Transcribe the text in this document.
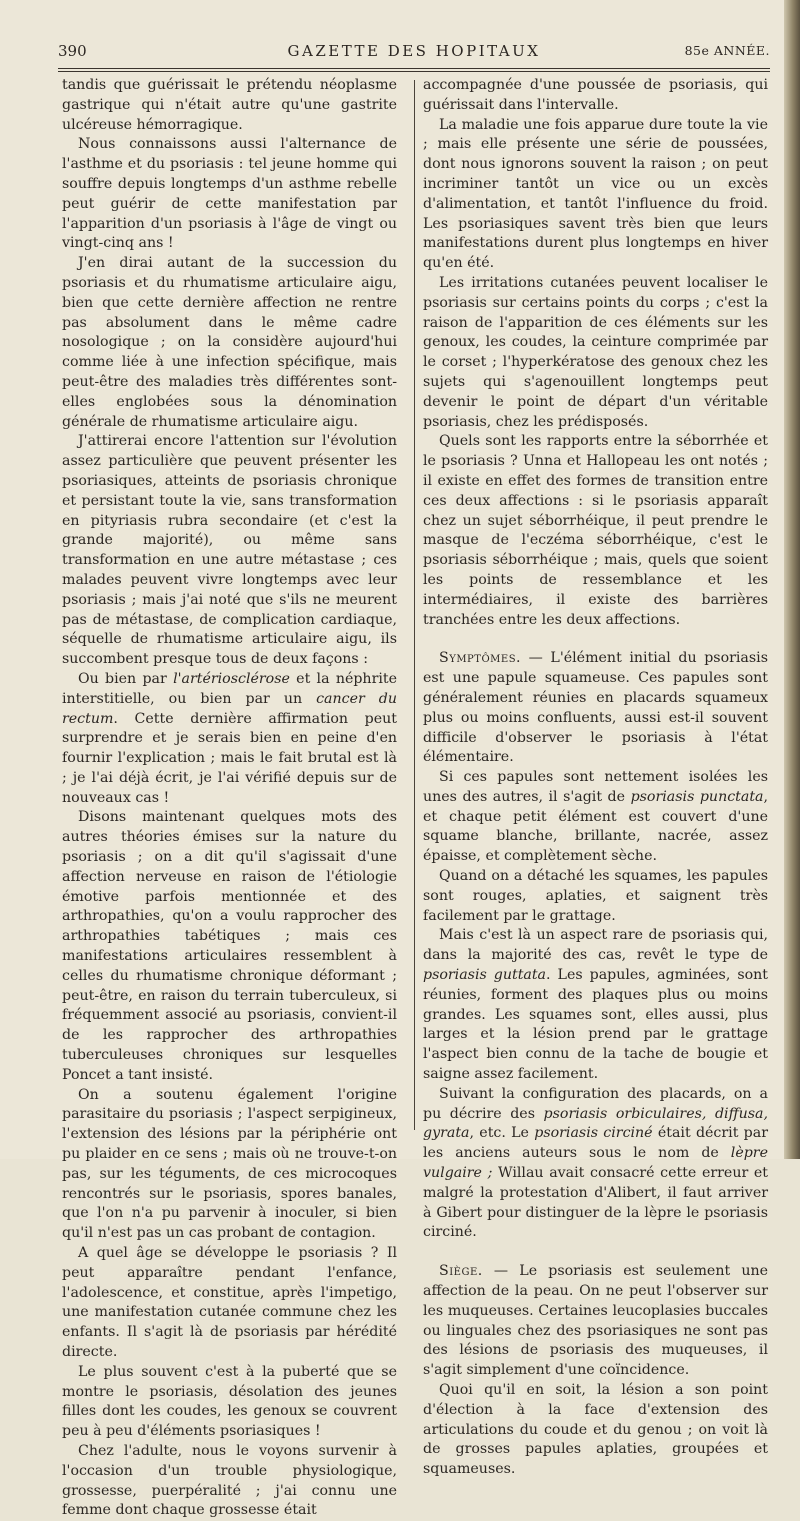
390	GAZETTE DES HOPITAUX	85e ANNÉE.

tandis que guérissait le prétendu néoplasme gastrique qui n'était autre qu'une gastrite ulcéreuse hémorragique.

Nous connaissons aussi l'alternance de l'asthme et du psoriasis : tel jeune homme qui souffre depuis longtemps d'un asthme rebelle peut guérir de cette manifestation par l'apparition d'un psoriasis à l'âge de vingt ou vingt-cinq ans !

J'en dirai autant de la succession du psoriasis et du rhumatisme articulaire aigu, bien que cette dernière affection ne rentre pas absolument dans le même cadre nosologique ; on la considère aujourd'hui comme liée à une infection spécifique, mais peut-être des maladies très différentes sont-elles englobées sous la dénomination générale de rhumatisme articulaire aigu.

J'attirerai encore l'attention sur l'évolution assez particulière que peuvent présenter les psoriasiques, atteints de psoriasis chronique et persistant toute la vie, sans transformation en pityriasis rubra secondaire (et c'est la grande majorité), ou même sans transformation en une autre métastase ; ces malades peuvent vivre longtemps avec leur psoriasis ; mais j'ai noté que s'ils ne meurent pas de métastase, de complication cardiaque, séquelle de rhumatisme articulaire aigu, ils succombent presque tous de deux façons :

Ou bien par l'artériosclérose et la néphrite interstitielle, ou bien par un cancer du rectum. Cette dernière affirmation peut surprendre et je serais bien en peine d'en fournir l'explication ; mais le fait brutal est là ; je l'ai déjà écrit, je l'ai vérifié depuis sur de nouveaux cas !

Disons maintenant quelques mots des autres théories émises sur la nature du psoriasis ; on a dit qu'il s'agissait d'une affection nerveuse en raison de l'étiologie émotive parfois mentionnée et des arthropathies, qu'on a voulu rapprocher des arthropathies tabétiques ; mais ces manifestations articulaires ressemblent à celles du rhumatisme chronique déformant ; peut-être, en raison du terrain tuberculeux, si fréquemment associé au psoriasis, convient-il de les rapprocher des arthropathies tuberculeuses chroniques sur lesquelles Poncet a tant insisté.

On a soutenu également l'origine parasitaire du psoriasis ; l'aspect serpigineux, l'extension des lésions par la périphérie ont pu plaider en ce sens ; mais où ne trouve-t-on pas, sur les téguments, de ces microcoques rencontrés sur le psoriasis, spores banales, que l'on n'a pu parvenir à inoculer, si bien qu'il n'est pas un cas probant de contagion.

A quel âge se développe le psoriasis ? Il peut apparaître pendant l'enfance, l'adolescence, et constitue, après l'impetigo, une manifestation cutanée commune chez les enfants. Il s'agit là de psoriasis par hérédité directe.

Le plus souvent c'est à la puberté que se montre le psoriasis, désolation des jeunes filles dont les coudes, les genoux se couvrent peu à peu d'éléments psoriasiques !

Chez l'adulte, nous le voyons survenir à l'occasion d'un trouble physiologique, grossesse, puerpéralité ; j'ai connu une femme dont chaque grossesse était

accompagnée d'une poussée de psoriasis, qui guérissait dans l'intervalle.

La maladie une fois apparue dure toute la vie ; mais elle présente une série de poussées, dont nous ignorons souvent la raison ; on peut incriminer tantôt un vice ou un excès d'alimentation, et tantôt l'influence du froid. Les psoriasiques savent très bien que leurs manifestations durent plus longtemps en hiver qu'en été.

Les irritations cutanées peuvent localiser le psoriasis sur certains points du corps ; c'est la raison de l'apparition de ces éléments sur les genoux, les coudes, la ceinture comprimée par le corset ; l'hyperkératose des genoux chez les sujets qui s'agenouillent longtemps peut devenir le point de départ d'un véritable psoriasis, chez les prédisposés.

Quels sont les rapports entre la séborrhée et le psoriasis ? Unna et Hallopeau les ont notés ; il existe en effet des formes de transition entre ces deux affections : si le psoriasis apparaît chez un sujet séborrhéique, il peut prendre le masque de l'eczéma séborrhéique, c'est le psoriasis séborrhéique ; mais, quels que soient les points de ressemblance et les intermédiaires, il existe des barrières tranchées entre les deux affections.

Symptômes. — L'élément initial du psoriasis est une papule squameuse. Ces papules sont généralement réunies en placards squameux plus ou moins confluents, aussi est-il souvent difficile d'observer le psoriasis à l'état élémentaire.

Si ces papules sont nettement isolées les unes des autres, il s'agit de psoriasis punctata, et chaque petit élément est couvert d'une squame blanche, brillante, nacrée, assez épaisse, et complètement sèche.

Quand on a détaché les squames, les papules sont rouges, aplaties, et saignent très facilement par le grattage.

Mais c'est là un aspect rare de psoriasis qui, dans la majorité des cas, revêt le type de psoriasis guttata. Les papules, agminées, sont réunies, forment des plaques plus ou moins grandes. Les squames sont, elles aussi, plus larges et la lésion prend par le grattage l'aspect bien connu de la tache de bougie et saigne assez facilement.

Suivant la configuration des placards, on a pu décrire des psoriasis orbiculaires, diffusa, gyrata, etc. Le psoriasis circiné était décrit par les anciens auteurs sous le nom de lèpre vulgaire ; Willau avait consacré cette erreur et malgré la protestation d'Alibert, il faut arriver à Gibert pour distinguer de la lèpre le psoriasis circiné.

Siège. — Le psoriasis est seulement une affection de la peau. On ne peut l'observer sur les muqueuses. Certaines leucoplasies buccales ou linguales chez des psoriasiques ne sont pas des lésions de psoriasis des muqueuses, il s'agit simplement d'une coïncidence.

Quoi qu'il en soit, la lésion a son point d'élection à la face d'extension des articulations du coude et du genou ; on voit là de grosses papules aplaties, groupées et squameuses.
